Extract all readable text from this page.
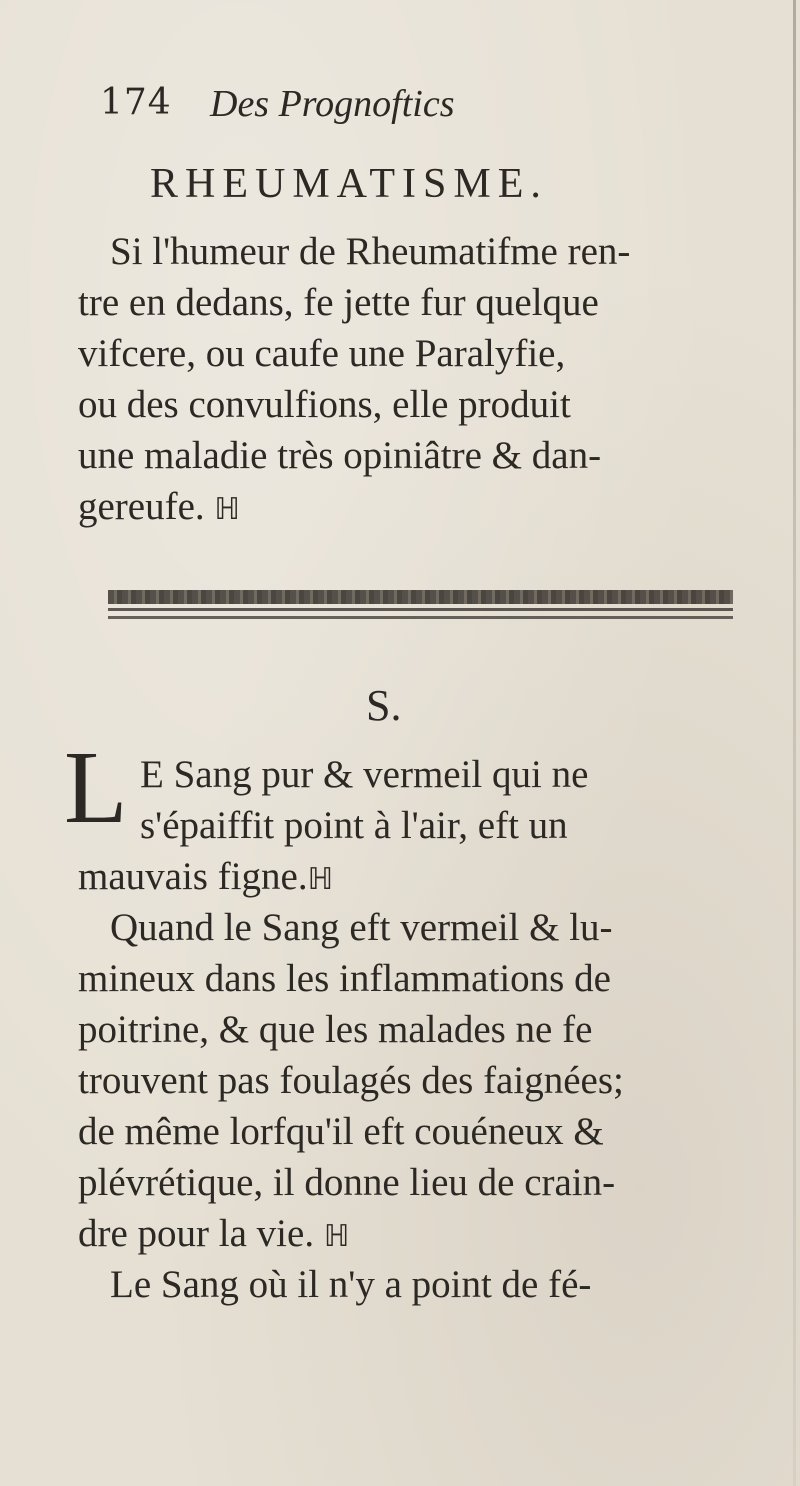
174 Des Prognoftics
RHEUMATISME.
Si l'humeur de Rheumatifme ren-
tre en dedans, fe jette fur quelque
vifcere, ou caufe une Paralyfie,
ou des convulfions, elle produit
une maladie très opiniâtre & dan-
gereufe. ℍ
S.
L E Sang pur & vermeil qui ne
s'épaiffit point à l'air, eft un
mauvais figne.ℍ
Quand le Sang eft vermeil & lu-
mineux dans les inflammations de
poitrine, & que les malades ne fe
trouvent pas foulagés des faignées;
de même lorfqu'il eft couéneux &
plévrétique, il donne lieu de crain-
dre pour la vie. ℍ
Le Sang où il n'y a point de fé-
